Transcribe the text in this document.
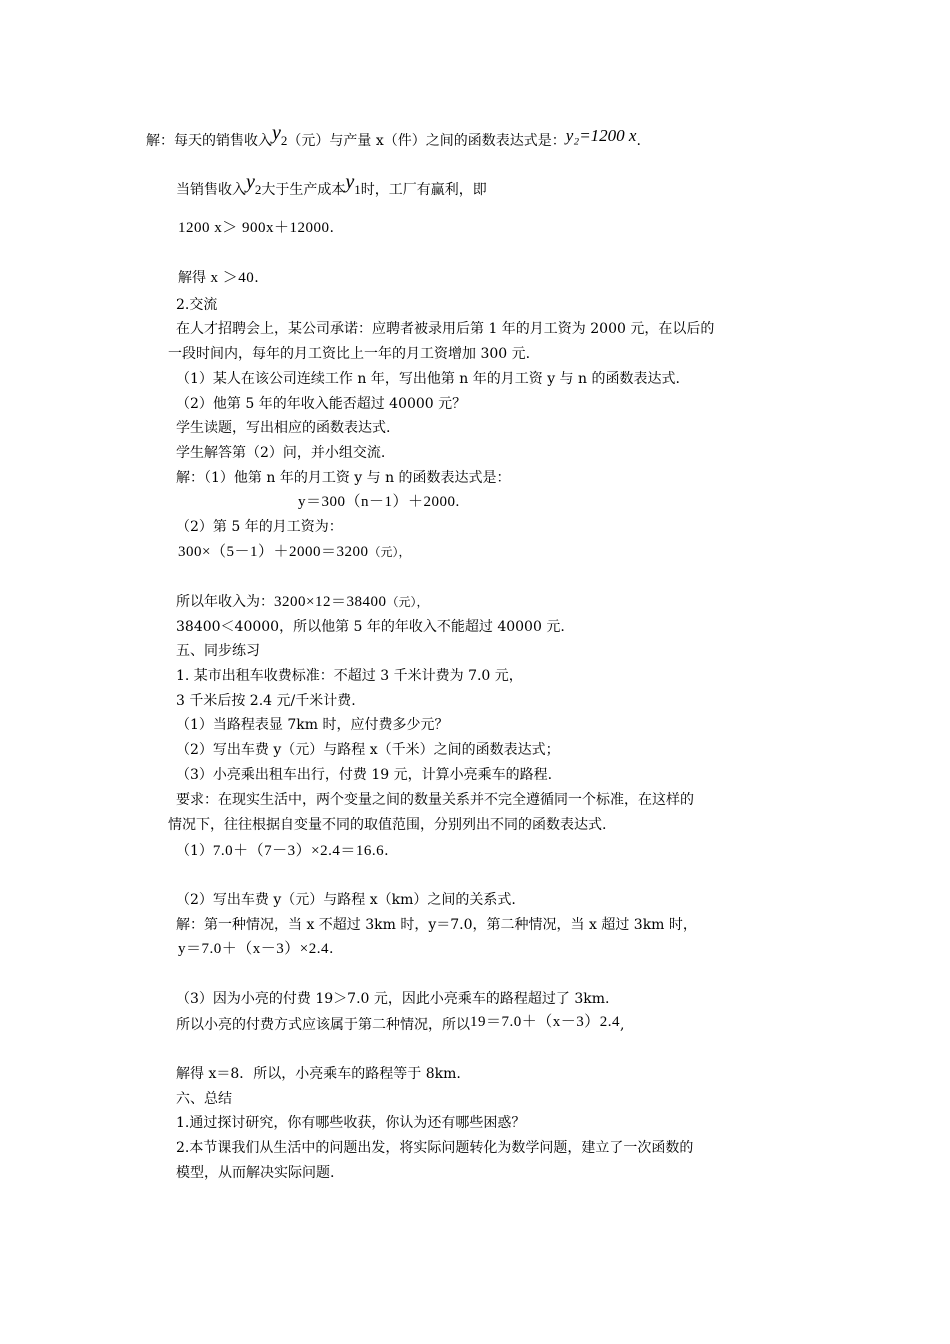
解：每天的销售收入y2（元）与产量 x（件）之间的函数表达式是：y₂=1200 x.
当销售收入y2大于生产成本y1时，工厂有赢利，即
1200 x＞ 900x＋12000.
解得 x ＞40.
2.交流
在人才招聘会上，某公司承诺：应聘者被录用后第 1 年的月工资为 2000 元，在以后的
一段时间内，每年的月工资比上一年的月工资增加 300 元.
（1）某人在该公司连续工作 n 年，写出他第 n 年的月工资 y 与 n 的函数表达式.
（2）他第 5 年的年收入能否超过 40000 元？
学生读题，写出相应的函数表达式.
学生解答第（2）问，并小组交流.
解：（1）他第 n 年的月工资 y 与 n 的函数表达式是：
y＝300（n－1）＋2000.
（2）第 5 年的月工资为：
300×（5－1）＋2000＝3200（元），
所以年收入为：3200×12＝38400（元），
38400＜40000，所以他第 5 年的年收入不能超过 40000 元.
五、同步练习
1. 某市出租车收费标准：不超过 3 千米计费为 7.0 元，
3 千米后按 2.4 元/千米计费.
（1）当路程表显 7km 时，应付费多少元？
（2）写出车费 y（元）与路程 x（千米）之间的函数表达式；
（3）小亮乘出租车出行，付费 19 元，计算小亮乘车的路程.
要求：在现实生活中，两个变量之间的数量关系并不完全遵循同一个标准，在这样的
情况下，往往根据自变量不同的取值范围，分别列出不同的函数表达式.
（1）7.0＋（7－3）×2.4＝16.6.
（2）写出车费 y（元）与路程 x（km）之间的关系式.
解：第一种情况，当 x 不超过 3km 时，y＝7.0，第二种情况，当 x 超过 3km 时，
y＝7.0＋（x－3）×2.4.
（3）因为小亮的付费 19＞7.0 元，因此小亮乘车的路程超过了 3km.
所以小亮的付费方式应该属于第二种情况，所以19＝7.0＋（x－3）2.4,
解得 x＝8．所以，小亮乘车的路程等于 8km.
六、总结
1.通过探讨研究，你有哪些收获，你认为还有哪些困惑？
2.本节课我们从生活中的问题出发，将实际问题转化为数学问题，建立了一次函数的
模型，从而解决实际问题.
